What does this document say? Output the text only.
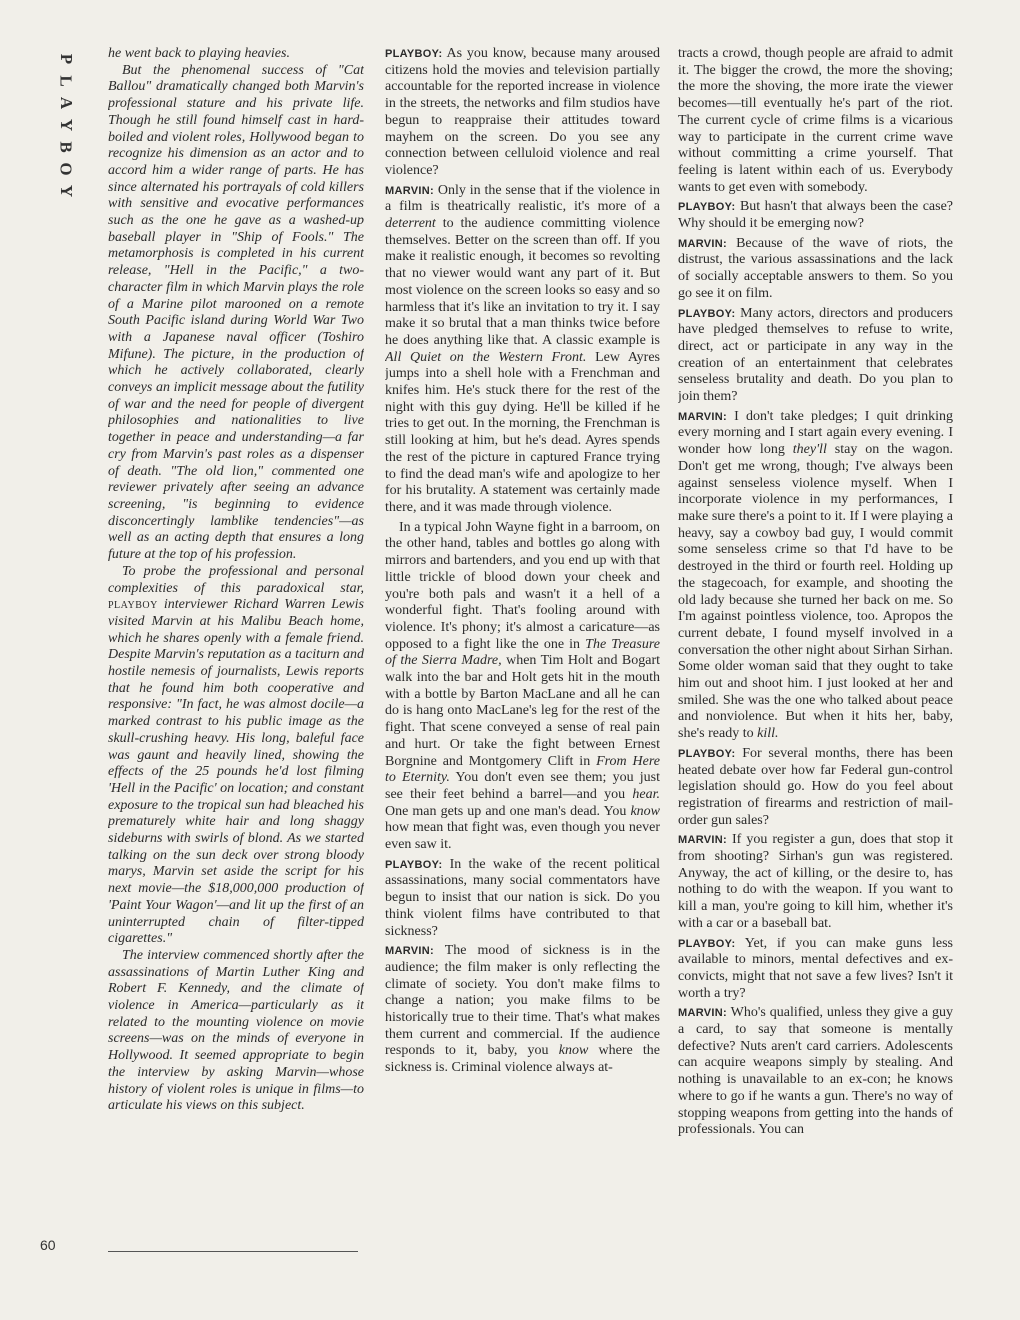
P
L
A
Y
B
O
Y

he went back to playing heavies.

But the phenomenal success of "Cat Ballou" dramatically changed both Marvin's professional stature and his private life. Though he still found himself cast in hard-boiled and violent roles, Hollywood began to recognize his dimension as an actor and to accord him a wider range of parts. He has since alternated his portrayals of cold killers with sensitive and evocative performances such as the one he gave as a washed-up baseball player in "Ship of Fools." The metamorphosis is completed in his current release, "Hell in the Pacific," a two-character film in which Marvin plays the role of a Marine pilot marooned on a remote South Pacific island during World War Two with a Japanese naval officer (Toshiro Mifune). The picture, in the production of which he actively collaborated, clearly conveys an implicit message about the futility of war and the need for people of divergent philosophies and nationalities to live together in peace and understanding—a far cry from Marvin's past roles as a dispenser of death. "The old lion," commented one reviewer privately after seeing an advance screening, "is beginning to evidence disconcertingly lamblike tendencies"—as well as an acting depth that ensures a long future at the top of his profession.

To probe the professional and personal complexities of this paradoxical star, playboy interviewer Richard Warren Lewis visited Marvin at his Malibu Beach home, which he shares openly with a female friend. Despite Marvin's reputation as a taciturn and hostile nemesis of journalists, Lewis reports that he found him both cooperative and responsive: "In fact, he was almost docile—a marked contrast to his public image as the skull-crushing heavy. His long, baleful face was gaunt and heavily lined, showing the effects of the 25 pounds he'd lost filming 'Hell in the Pacific' on location; and constant exposure to the tropical sun had bleached his prematurely white hair and long shaggy sideburns with swirls of blond. As we started talking on the sun deck over strong bloody marys, Marvin set aside the script for his next movie—the $18,000,000 production of 'Paint Your Wagon'—and lit up the first of an uninterrupted chain of filter-tipped cigarettes."

The interview commenced shortly after the assassinations of Martin Luther King and Robert F. Kennedy, and the climate of violence in America—particularly as it related to the mounting violence on movie screens—was on the minds of everyone in Hollywood. It seemed appropriate to begin the interview by asking Marvin—whose history of violent roles is unique in films—to articulate his views on this subject.

PLAYBOY: As you know, because many aroused citizens hold the movies and television partially accountable for the reported increase in violence in the streets, the networks and film studios have begun to reappraise their attitudes toward mayhem on the screen. Do you see any connection between celluloid violence and real violence?

MARVIN: Only in the sense that if the violence in a film is theatrically realistic, it's more of a deterrent to the audience committing violence themselves. Better on the screen than off. If you make it realistic enough, it becomes so revolting that no viewer would want any part of it. But most violence on the screen looks so easy and so harmless that it's like an invitation to try it. I say make it so brutal that a man thinks twice before he does anything like that. A classic example is All Quiet on the Western Front. Lew Ayres jumps into a shell hole with a Frenchman and knifes him. He's stuck there for the rest of the night with this guy dying. He'll be killed if he tries to get out. In the morning, the Frenchman is still looking at him, but he's dead. Ayres spends the rest of the picture in captured France trying to find the dead man's wife and apologize to her for his brutality. A statement was certainly made there, and it was made through violence.

In a typical John Wayne fight in a barroom, on the other hand, tables and bottles go along with mirrors and bartenders, and you end up with that little trickle of blood down your cheek and you're both pals and wasn't it a hell of a wonderful fight. That's fooling around with violence. It's phony; it's almost a caricature—as opposed to a fight like the one in The Treasure of the Sierra Madre, when Tim Holt and Bogart walk into the bar and Holt gets hit in the mouth with a bottle by Barton MacLane and all he can do is hang onto MacLane's leg for the rest of the fight. That scene conveyed a sense of real pain and hurt. Or take the fight between Ernest Borgnine and Montgomery Clift in From Here to Eternity. You don't even see them; you just see their feet behind a barrel—and you hear. One man gets up and one man's dead. You know how mean that fight was, even though you never even saw it.

PLAYBOY: In the wake of the recent political assassinations, many social commentators have begun to insist that our nation is sick. Do you think violent films have contributed to that sickness?

MARVIN: The mood of sickness is in the audience; the film maker is only reflecting the climate of society. You don't make films to change a nation; you make films to be historically true to their time. That's what makes them current and commercial. If the audience responds to it, baby, you know where the sickness is. Criminal violence always at-

tracts a crowd, though people are afraid to admit it. The bigger the crowd, the more the shoving; the more the shoving, the more irate the viewer becomes—till eventually he's part of the riot. The current cycle of crime films is a vicarious way to participate in the current crime wave without committing a crime yourself. That feeling is latent within each of us. Everybody wants to get even with somebody.

PLAYBOY: But hasn't that always been the case? Why should it be emerging now?

MARVIN: Because of the wave of riots, the distrust, the various assassinations and the lack of socially acceptable answers to them. So you go see it on film.

PLAYBOY: Many actors, directors and producers have pledged themselves to refuse to write, direct, act or participate in any way in the creation of an entertainment that celebrates senseless brutality and death. Do you plan to join them?

MARVIN: I don't take pledges; I quit drinking every morning and I start again every evening. I wonder how long they'll stay on the wagon. Don't get me wrong, though; I've always been against senseless violence myself. When I incorporate violence in my performances, I make sure there's a point to it. If I were playing a heavy, say a cowboy bad guy, I would commit some senseless crime so that I'd have to be destroyed in the third or fourth reel. Holding up the stagecoach, for example, and shooting the old lady because she turned her back on me. So I'm against pointless violence, too. Apropos the current debate, I found myself involved in a conversation the other night about Sirhan Sirhan. Some older woman said that they ought to take him out and shoot him. I just looked at her and smiled. She was the one who talked about peace and nonviolence. But when it hits her, baby, she's ready to kill.

PLAYBOY: For several months, there has been heated debate over how far Federal gun-control legislation should go. How do you feel about registration of firearms and restriction of mail-order gun sales?

MARVIN: If you register a gun, does that stop it from shooting? Sirhan's gun was registered. Anyway, the act of killing, or the desire to, has nothing to do with the weapon. If you want to kill a man, you're going to kill him, whether it's with a car or a baseball bat.

PLAYBOY: Yet, if you can make guns less available to minors, mental defectives and ex-convicts, might that not save a few lives? Isn't it worth a try?

MARVIN: Who's qualified, unless they give a guy a card, to say that someone is mentally defective? Nuts aren't card carriers. Adolescents can acquire weapons simply by stealing. And nothing is unavailable to an ex-con; he knows where to go if he wants a gun. There's no way of stopping weapons from getting into the hands of professionals. You can

60
